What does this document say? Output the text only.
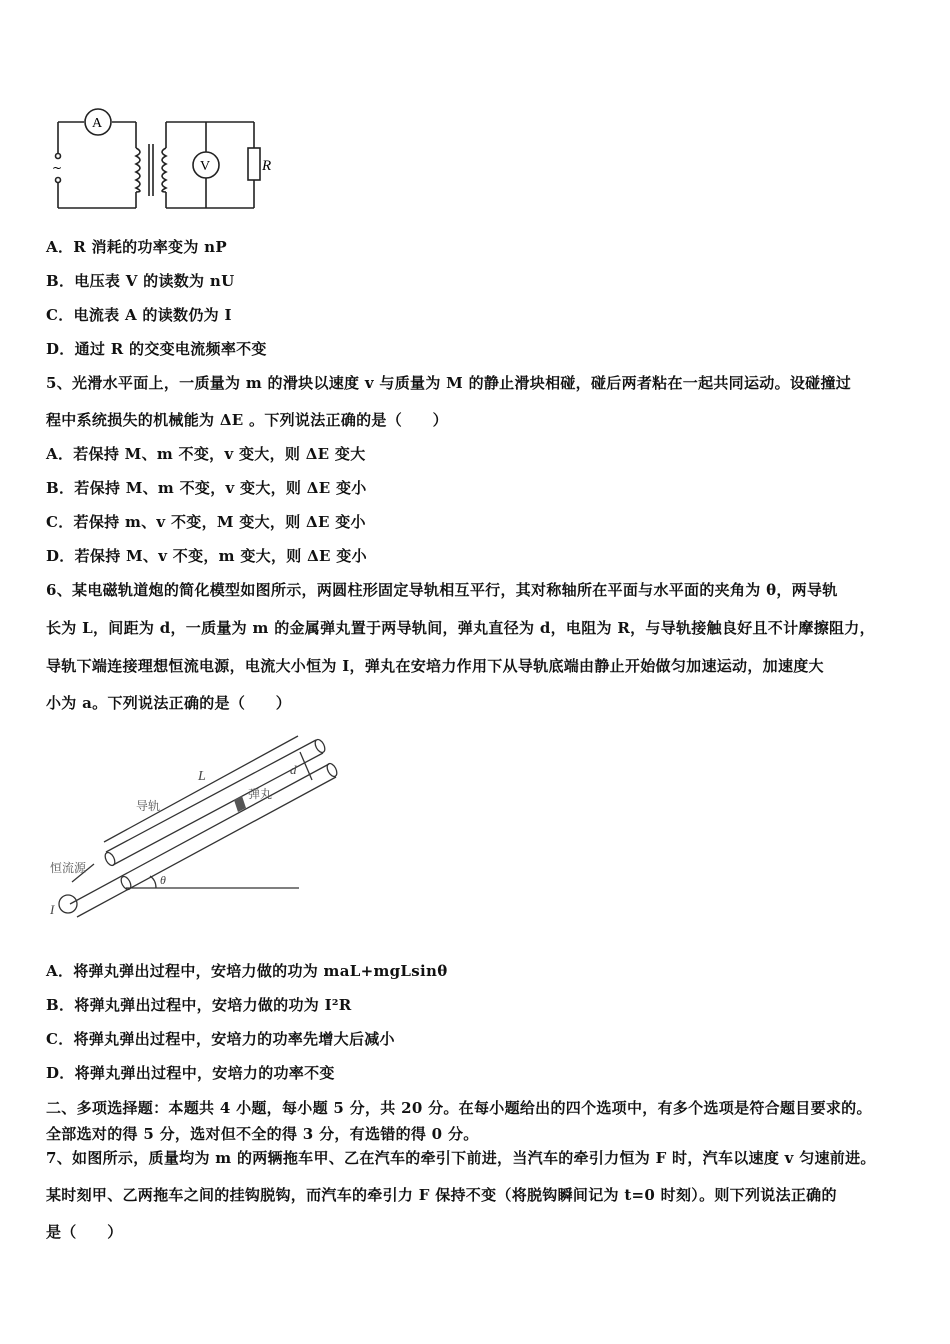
A
V	R
~
A．R 消耗的功率变为 nP
B．电压表 V 的读数为 nU
C．电流表 A 的读数仍为 I
D．通过 R 的交变电流频率不变
5、光滑水平面上，一质量为 m 的滑块以速度 v 与质量为 M 的静止滑块相碰，碰后两者粘在一起共同运动。设碰撞过
程中系统损失的机械能为 ΔE 。下列说法正确的是（　　）
A．若保持 M、m 不变，v 变大，则 ΔE 变大
B．若保持 M、m 不变，v 变大，则 ΔE 变小
C．若保持 m、v 不变，M 变大，则 ΔE 变小
D．若保持 M、v 不变，m 变大，则 ΔE 变小
6、某电磁轨道炮的简化模型如图所示，两圆柱形固定导轨相互平行，其对称轴所在平面与水平面的夹角为 θ，两导轨
长为 L，间距为 d，一质量为 m 的金属弹丸置于两导轨间，弹丸直径为 d，电阻为 R，与导轨接触良好且不计摩擦阻力，
导轨下端连接理想恒流电源，电流大小恒为 I，弹丸在安培力作用下从导轨底端由静止开始做匀加速运动，加速度大
小为 a。下列说法正确的是（　　）
L	d
导轨
弹丸
恒流源
I
θ
A．将弹丸弹出过程中，安培力做的功为 maL+mgLsinθ
B．将弹丸弹出过程中，安培力做的功为 I²R
C．将弹丸弹出过程中，安培力的功率先增大后减小
D．将弹丸弹出过程中，安培力的功率不变
二、多项选择题：本题共 4 小题，每小题 5 分，共 20 分。在每小题给出的四个选项中，有多个选项是符合题目要求的。
全部选对的得 5 分，选对但不全的得 3 分，有选错的得 0 分。
7、如图所示，质量均为 m 的两辆拖车甲、乙在汽车的牵引下前进，当汽车的牵引力恒为 F 时，汽车以速度 v 匀速前进。
某时刻甲、乙两拖车之间的挂钩脱钩，而汽车的牵引力 F 保持不变（将脱钩瞬间记为 t=0 时刻）。则下列说法正确的
是（　　）
